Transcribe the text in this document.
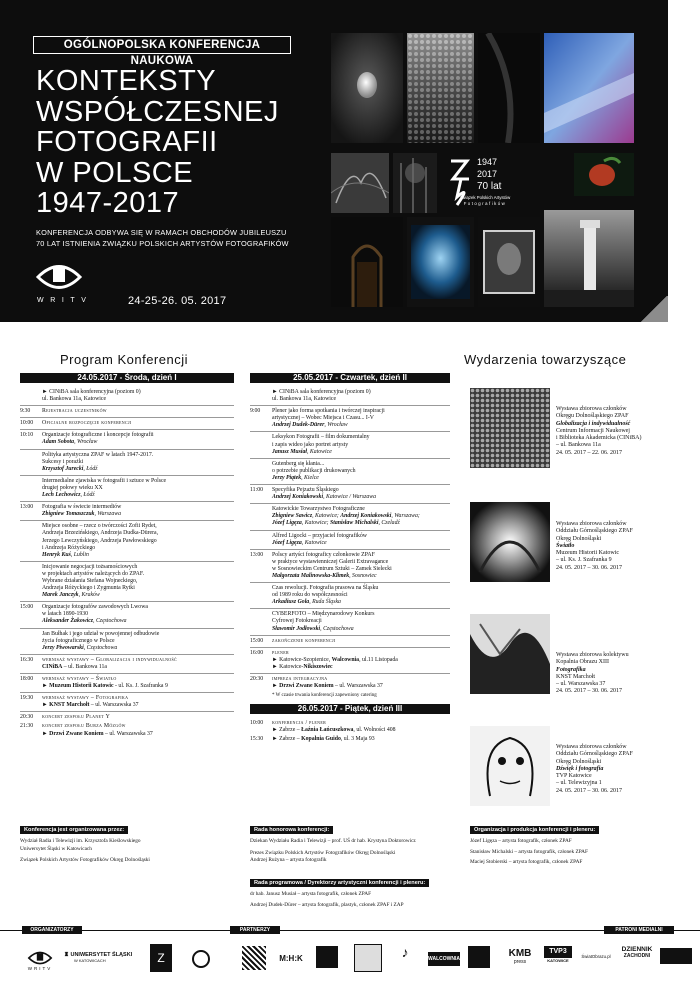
OGÓLNOPOLSKA KONFERENCJA NAUKOWA
KONTEKSTY
WSPÓŁCZESNEJ
FOTOGRAFII
W POLSCE
1947-2017
KONFERENCJA ODBYWA SIĘ W RAMACH OBCHODÓW JUBILEUSZU
70 LAT ISTNIENIA ZWIĄZKU POLSKICH ARTYSTÓW FOTOGRAFIKÓW
WRITV	24-25-26. 05. 2017
1947
2017
70 lat
Związek Polskich Artystów
Fotografików
Program Konferencji	Wydarzenia towarzyszące
24.05.2017 - Środa, dzień I
► CINiBA sala konferencyjna (poziom 0)
ul. Bankowa 11a, Katowice
9:30	Rejestracja uczestników
10:00	Oficjalne rozpoczęcie konferencji
10:10	Organizacje fotograficzne i koncepcje fotografii
Adam Sobota, Wrocław
Polityka artystyczna ZPAF w latach 1947-2017.
Sukcesy i porażki
Krzysztof Jurecki, Łódź
Intermedialne zjawiska w fotografii i sztuce w Polsce
drugiej połowy wieku XX
Lech Lechowicz, Łódź
13:00	Fotografia w świecie intermediów
Zbigniew Tomaszczuk, Warszawa
Miejsce osobne – rzecz o twórczości Zofii Rydet,
Andrzeja Brzezińskiego, Andrzeja Dudka-Dürera,
Jerzego Lewczyńskiego, Andrzeja Pawłowskiego
i Andrzeja Różyckiego
Henryk Kuś, Lublin
Inicjowanie negocjacji tożsamościowych
w projektach artystów należących do ZPAF.
Wybrane działania Stefana Wojneckiego,
Andrzeja Różyckiego i Zygmunta Rytki
Marek Janczyk, Kraków
15:00	Organizacje fotografów zawodowych Lwowa
w latach 1890-1930
Aleksander Żakowicz, Częstochowa
Jan Bułhak i jego udział w powojennej odbudowie
życia fotograficznego w Polsce
Jerzy Piwowarski, Częstochowa
16:30	wernisaż wystawy – Globalizacja i indywidualność
CINiBA – ul. Bankowa 11a
18:00	wernisaż wystawy – Światło
► Muzeum Historii Katowic - ul. Ks. J. Szafranka 9
19:30	wernisaż wystawy – Fotografika
► KNST Marchołt – ul. Warszawska 37
20:30	koncert zespołu Planet Y
21:30	koncert zespołu Burza Mózgów
► Drzwi Zwane Koniem – ul. Warszawska 37
25.05.2017 - Czwartek, dzień II
► CINiBA sala konferencyjna (poziom 0)
ul. Bankowa 11a, Katowice
9:00	Plener jako forma spotkania i twórczej inspiracji
artystycznej – Wobec Miejsca i Czasu... I-V
Andrzej Dudek-Dürer, Wrocław
Leksykon Fotografii – film dokumentalny
i zapis wideo jako portret artysty
Janusz Musiał, Katowice
Gutenberg się kłania...
o potrzebie publikacji drukowanych
Jerzy Piątek, Kielce
11:00	Specyfika Pejzażu Śląskiego
Andrzej Koniakowski, Katowice / Warszawa
Katowickie Towarzystwo Fotograficzne
Zbigniew Sawicz, Katowice; Andrzej Koniakowski, Warszawa;
Józef Ligęza, Katowice; Stanisław Michalski, Czeladź
Alfred Ligocki – przyjaciel fotografików
Józef Ligęza, Katowice
13:00	Polscy artyści fotograficy członkowie ZPAF
w praktyce wystawienniczej Galerii Extravagance
w Sosnowieckim Centrum Sztuki – Zamek Sielecki
Małgorzata Malinowska-Klimek, Sosnowiec
Czas rewolucji. Fotografia prasowa na Śląsku
od 1989 roku do współczesności
Arkadiusz Gola, Ruda Śląska
CYBERFOTO – Międzynarodowy Konkurs
Cyfrowej Fotokreacji
Sławomir Jodłowski, Częstochowa
15:00	zakończenie konferencji
16:00	plener
► Katowice-Szopienice, Walcownia, ul.11 Listopada
► Katowice-Nikiszowiec
20:30	impreza integracyjna
► Drzwi Zwane Koniem – ul. Warszawska 37
* W czasie trwania konferencji zapewniony catering
26.05.2017 - Piątek, dzień III
10:00	konferencja / plener
► Zabrze – Łaźnia Łańcuszkowa, ul. Wolności 408
15:30	► Zabrze – Kopalnia Guido, ul. 3 Maja 93
Wystawa zbiorowa członków
Okręgu Dolnośląskiego ZPAF
Globalizacja i indywidualność
Centrum Informacji Naukowej
i Biblioteka Akademicka (CINiBA)
– ul. Bankowa 11a
24. 05. 2017 – 22. 06. 2017
Wystawa zbiorowa członków
Oddziału Górnośląskiego ZPAF
Okręg Dolnośląski
Światło
Muzeum Historii Katowic
– ul. Ks. J. Szafranka 9
24. 05. 2017 – 30. 06. 2017
Wystawa zbiorowa kolektywu
Kopalnia Obrazu XIII
Fotografika
KNST Marchołt
– ul. Warszawska 37
24. 05. 2017 – 30. 06. 2017
Wystawa zbiorowa członków
Oddziału Górnośląskiego ZPAF
Okręg Dolnośląski
Dźwięk i fotografia
TVP Katowice
– ul. Telewizyjna 1
24. 05. 2017 – 30. 06. 2017
Konferencja jest organizowana przez:
Wydział Radia i Telewizji im. Krzysztofa Kieślowskiego
Uniwersytet Śląski w Katowicach
Związek Polskich Artystów Fotografików Okręg Dolnośląski
Rada honorowa konferencji:
Dziekan Wydziału Radia i Telewizji – prof. UŚ dr hab. Krystyna Doktorowicz
Prezes Związku Polskich Artystów Fotografików Okręg Dolnośląski
Andrzej Rużyna – artysta fotografik
Rada programowa / Dyrektorzy artystyczni konferencji i pleneru:
dr hab. Janusz Musiał – artysta fotografik, członek ZPAF
Andrzej Dudek-Dürer – artysta fotografik, plastyk, członek ZPAF i ZAP
Organizacja i produkcja konferencji i pleneru:
Józef Ligęza – artysta fotografik, członek ZPAF
Stanisław Michalski – artysta fotografik, członek ZPAF
Maciej Stobierski – artysta fotografik, członek ZPAF
ORGANIZATORZY	PARTNERZY	PATRONI MEDIALNI
WRITV
♜ UNIWERSYTET ŚLĄSKI
W KATOWICACH	Z	M:H:K	♪	WALCOWNIA	KMB
press
TVP3
KATOWICE
ŚwiatObrazu.pl
DZIENNIK
ZACHODNI
